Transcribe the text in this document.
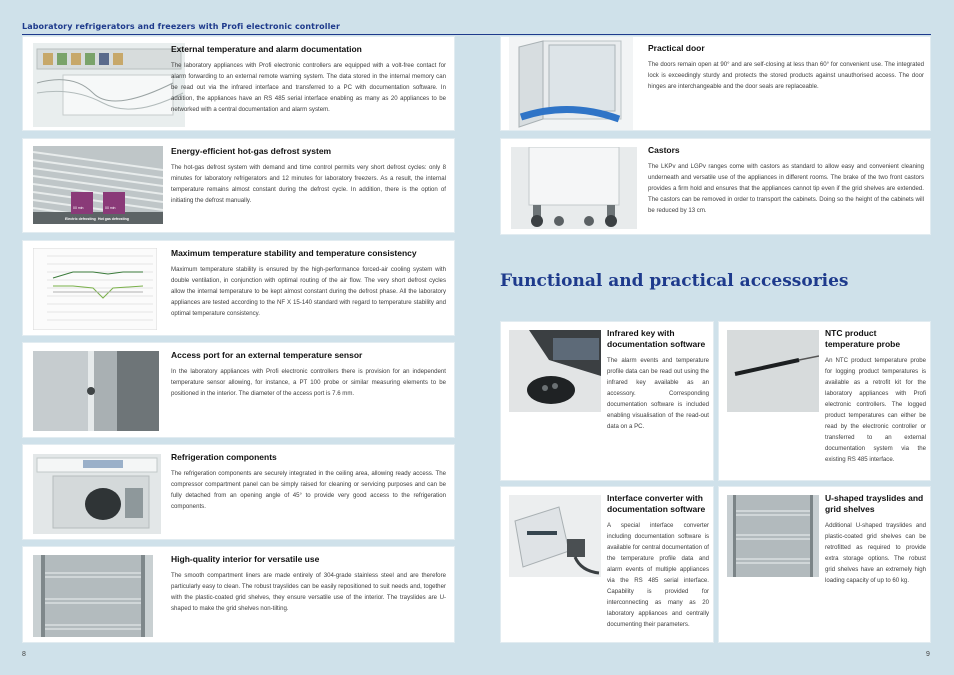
Laboratory refrigerators and freezers with Profi electronic controller
External temperature and alarm documentation

The laboratory appliances with Profi electronic controllers are equipped with a volt-free contact for alarm forwarding to an external remote warning system. The data stored in the internal memory can be read out via the infrared interface and transferred to a PC with documentation software. In addition, the appliances have an RS 485 serial interface enabling as many as 20 appliances to be networked with a central documentation and alarm system.

00 min	00 min
Electric defrosting Hot gas defrosting
Energy-efficient hot-gas defrost system

The hot-gas defrost system with demand and time control permits very short defrost cycles: only 8 minutes for laboratory refrigerators and 12 minutes for laboratory freezers. As a result, the internal temperature remains almost constant during the defrost cycle. In addition, there is the option of initiating the defrost manually.

Maximum temperature stability and temperature consistency

Maximum temperature stability is ensured by the high-performance forced-air cooling system with double ventilation, in conjunction with optimal routing of the air flow. The very short defrost cycles allow the internal temperature to be kept almost constant during the defrost phase. All the laboratory appliances are tested according to the NF X 15-140 standard with regard to temperature stability and optimal temperature consistency.

Access port for an external temperature sensor

In the laboratory appliances with Profi electronic controllers there is provision for an independent temperature sensor allowing, for instance, a PT 100 probe or similar measuring elements to be positioned in the interior. The diameter of the access port is 7.6 mm.

Refrigeration components

The refrigeration components are securely integrated in the ceiling area, allowing ready access. The compressor compartment panel can be simply raised for cleaning or servicing purposes and can be fully detached from an opening angle of 45° to provide very good access to the refrigeration components.

High-quality interior for versatile use

The smooth compartment liners are made entirely of 304-grade stainless steel and are therefore particularly easy to clean. The robust trayslides can be easily repositioned to suit needs and, together with the plastic-coated grid shelves, they ensure versatile use of the interior. The trayslides are U-shaped to make the grid shelves non-tilting.

Practical door

The doors remain open at 90° and are self-closing at less than 60° for convenient use. The integrated lock is exceedingly sturdy and protects the stored products against unauthorised access. The door hinges are interchangeable and the door seals are replaceable.

Castors

The LKPv and LGPv ranges come with castors as standard to allow easy and convenient cleaning underneath and versatile use of the appliances in different rooms. The brake of the two front castors provides a firm hold and ensures that the appliances cannot tip even if the grid shelves are extended. The castors can be removed in order to transport the cabinets. Doing so the height of the cabinets will be reduced by 13 cm.

Functional and practical accessories
Infrared key with documentation software

The alarm events and temperature profile data can be read out using the infrared key available as an accessory. Corresponding documentation software is included enabling visualisation of the read-out data on a PC.

NTC product temperature probe

An NTC product temperature probe for logging product temperatures is available as a retrofit kit for the laboratory appliances with Profi electronic controllers. The logged product temperatures can either be read by the electronic controller or transferred to an external documentation system via the existing RS 485 interface.

Interface converter with documentation software

A special interface converter including documentation software is available for central documentation of the temperature profile data and alarm events of multiple appliances via the RS 485 serial interface. Capability is provided for interconnecting as many as 20 laboratory appliances and centrally documenting their parameters.

U-shaped trayslides and grid shelves

Additional U-shaped trayslides and plastic-coated grid shelves can be retrofitted as required to provide extra storage options. The robust grid shelves have an extremely high loading capacity of up to 60 kg.

8	9
